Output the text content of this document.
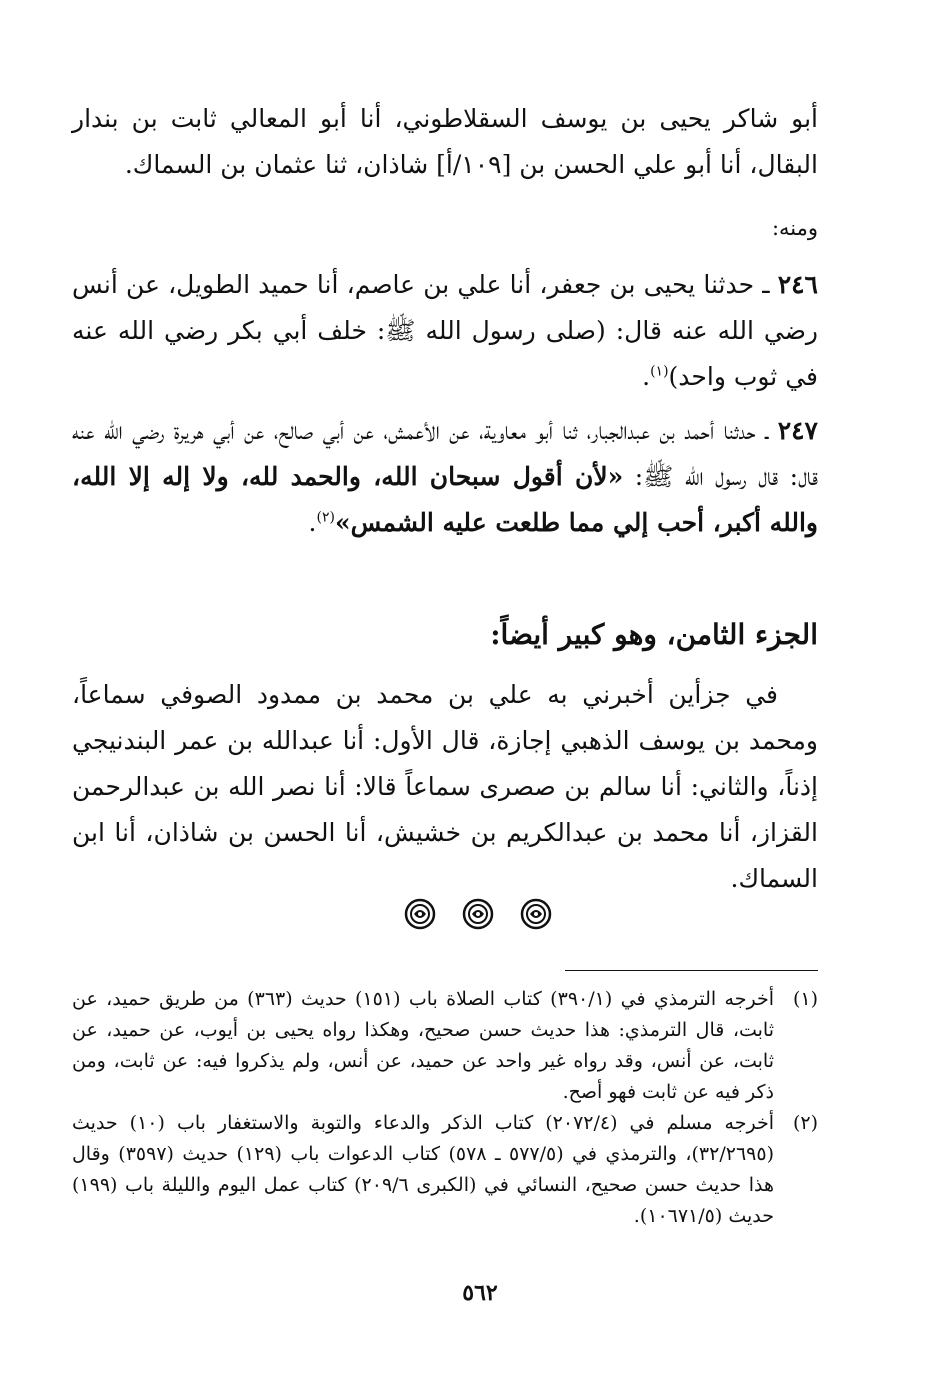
أبو شاكر يحيى بن يوسف السقلاطوني، أنا أبو المعالي ثابت بن بندار البقال، أنا أبو علي الحسن بن [١٠٩/أ] شاذان، ثنا عثمان بن السماك.

ومنه:

٢٤٦ ـ حدثنا يحيى بن جعفر، أنا علي بن عاصم، أنا حميد الطويل، عن أنس رضي الله عنه قال: (صلى رسول الله ﷺ: خلف أبي بكر رضي الله عنه في ثوب واحد)$^{(١)}$.

٢٤٧ ـ حدثنا أحمد بن عبدالجبار، ثنا أبو معاوية، عن الأعمش، عن أبي صالح، عن أبي هريرة رضي الله عنه قال: قال رسول الله ﷺ: «لأن أقول سبحان الله، والحمد لله، ولا إله إلا الله، والله أكبر، أحب إلي مما طلعت عليه الشمس»$^{(٢)}$.

الجزء الثامن، وهو كبير أيضاً:

في جزأين أخبرني به علي بن محمد بن ممدود الصوفي سماعاً، ومحمد بن يوسف الذهبي إجازة، قال الأول: أنا عبدالله بن عمر البندنيجي إذناً، والثاني: أنا سالم بن صصرى سماعاً قالا: أنا نصر الله بن عبدالرحمن القزاز، أنا محمد بن عبدالكريم بن خشيش، أنا الحسن بن شاذان، أنا ابن السماك.

(١)
أخرجه الترمذي في (٣٩٠/١) كتاب الصلاة باب (١٥١) حديث (٣٦٣) من طريق حميد، عن ثابت، قال الترمذي: هذا حديث حسن صحيح، وهكذا رواه يحيى بن أيوب، عن حميد، عن ثابت، عن أنس، وقد رواه غير واحد عن حميد، عن أنس، ولم يذكروا فيه: عن ثابت، ومن ذكر فيه عن ثابت فهو أصح.
(٢)
أخرجه مسلم في (٢٠٧٢/٤) كتاب الذكر والدعاء والتوبة والاستغفار باب (١٠) حديث (٣٢/٢٦٩٥)، والترمذي في (٥٧٧/٥ ـ ٥٧٨) كتاب الدعوات باب (١٢٩) حديث (٣٥٩٧) وقال هذا حديث حسن صحيح، النسائي في (الكبرى ٢٠٩/٦) كتاب عمل اليوم والليلة باب (١٩٩) حديث (١٠٦٧١/٥).
٥٦٢
